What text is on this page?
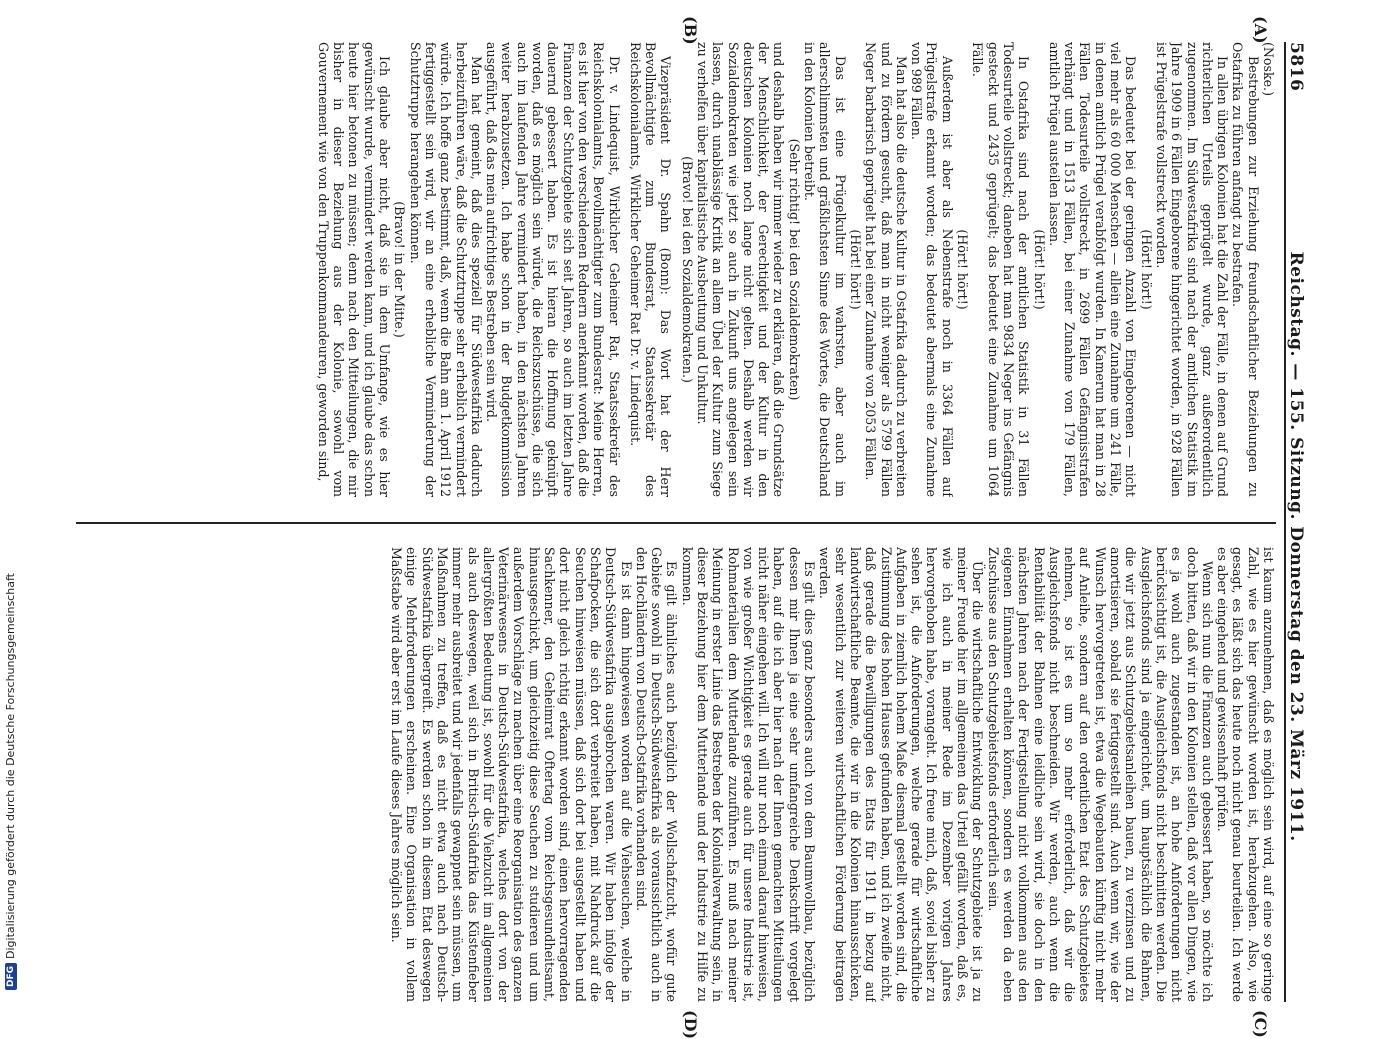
DFG
Digitalisierung gefördert durch die Deutsche Forschungsgemeinschaft
5816
Reichstag. — 155. Sitzung. Donnerstag den 23. März 1911.
(A)
(B)
(C)
(D)

(Noske.)

Bestrebungen zur Erziehung freundschaftlicher Beziehungen zu Ostafrika zu führen anfangt zu bestrafen.

In allen übrigen Kolonien hat die Zahl der Fälle, in denen auf Grund richterlichen Urteils geprügelt wurde, ganz außerordentlich zugenommen. Im Südwestafrika sind nach der amtlichen Statistik im Jahre 1909 in 6 Fällen Eingeborene hingerichtet worden, in 928 Fällen ist Prügelstrafe vollstreckt worden.

(Hört! hört!)

Das bedeutet bei der geringen Anzahl von Eingeborenen — nicht viel mehr als 60 000 Menschen — allein eine Zunahme um 241 Fälle, in denen amtlich Prügel verabfolgt wurden. In Kamerun hat man in 28 Fällen Todesurteile vollstreckt, in 2699 Fällen Gefängnisstrafen verhängt und in 1513 Fällen, bei einer Zunahme von 179 Fällen, amtlich Prügel austeilen lassen.

(Hört! hört!)

In Ostafrika sind nach der amtlichen Statistik in 31 Fällen Todesurteile vollstreckt; daneben hat man 9834 Neger ins Gefängnis gesteckt und 2435 geprügelt; das bedeutet eine Zunahme um 1064 Fälle.

(Hört! hört!)

Außerdem ist aber als Nebenstrafe noch in 3364 Fällen auf Prügelstrafe erkannt worden; das bedeutet abermals eine Zunahme von 989 Fällen.

Man hat also die deutsche Kultur in Ostafrika dadurch zu verbreiten und zu fördern gesucht, daß man in nicht weniger als 5799 Fällen Neger barbarisch geprügelt hat bei einer Zunahme von 2053 Fällen.

(Hört! hört!)

Das ist eine Prügelkultur im wahrsten, aber auch im allerschlimmsten und gräßlichsten Sinne des Wortes, die Deutschland in den Kolonien betreibt.

(Sehr richtig! bei den Sozialdemokraten)

und deshalb haben wir immer wieder zu erklären, daß die Grundsätze der Menschlichkeit, der Gerechtigkeit und der Kultur in den deutschen Kolonien noch lange nicht gelten. Deshalb werden wir Sozialdemokraten wie jetzt so auch in Zukunft uns angelegen sein lassen, durch unablässige Kritik an allem Übel der Kultur zum Siege zu verhelfen über kapitalistische Ausbeutung und Unkultur.

(Bravo! bei den Sozialdemokraten.)

Vizepräsident Dr. Spahn (Bonn): Das Wort hat der Herr Bevollmächtigte zum Bundesrat, Staatssekretär des Reichskolonialamts, Wirklicher Geheimer Rat Dr. v. Lindequist.

Dr. v. Lindequist, Wirklicher Geheimer Rat, Staatssekretär des Reichskolonialamts, Bevollmächtigter zum Bundesrat: Meine Herren, es ist hier von den verschiedenen Rednern anerkannt worden, daß die Finanzen der Schutzgebiete sich seit Jahren, so auch im letzten Jahre dauernd gebessert haben. Es ist hieran die Hoffnung geknüpft worden, daß es möglich sein würde, die Reichszuschüsse, die sich auch im laufenden Jahre vermindert haben, in den nächsten Jahren weiter herabzusetzen. Ich habe schon in der Budgetkommission ausgeführt, daß das mein aufrichtiges Bestreben sein wird.

Man hat gemeint, daß dies speziell für Südwestafrika dadurch herbeizuführen wäre, daß die Schutztruppe sehr erheblich vermindert würde. Ich hoffe ganz bestimmt, daß, wenn die Bahn am 1. April 1912 fertiggestellt sein wird, wir an eine erhebliche Verminderung der Schutztruppe herangehen können.

(Bravo! in der Mitte.)

Ich glaube aber nicht, daß sie in dem Umfange, wie es hier gewünscht wurde, vermindert werden kann, und ich glaube das schon heute hier betonen zu müssen; denn nach den Mitteilungen, die mir bisher in dieser Beziehung aus der Kolonie, sowohl vom Gouvernement wie von den Truppenkommandeuren, geworden sind,

ist kaum anzunehmen, daß es möglich sein wird, auf eine so geringe Zahl, wie es hier gewünscht worden ist, herabzugehen. Also, wie gesagt, es läßt sich das heute noch nicht genau beurteilen. Ich werde es aber eingehend und gewissenhaft prüfen.

Wenn sich nun die Finanzen auch gebessert haben, so möchte ich doch bitten, daß wir in den Kolonien stellen, daß vor allen Dingen, wie es ja wohl auch zugestanden ist, an hohe Anforderungen nicht berücksichtigt ist, die Ausgleichsfonds nicht beschnitten werden. Die Ausgleichsfonds sind ja eingerichtet, um hauptsächlich die Bahnen, die wir jetzt aus Schutzgebietsanleihen bauen, zu verzinsen und zu amortisieren, sobald sie fertiggestellt sind. Auch wenn wir, wie der Wunsch hervorgetreten ist, etwa die Wegebauten künftig nicht mehr auf Anleihe, sondern auf den ordentlichen Etat des Schutzgebietes nehmen, so ist es um so mehr erforderlich, daß wir die Ausgleichsfonds nicht beschneiden. Wir werden, auch wenn die Rentabilität der Bahnen eine leidliche sein wird, sie doch in den nächsten Jahren nach der Fertigstellung nicht vollkommen aus den eigenen Einnahmen erhalten können, sondern es werden da eben Zuschüsse aus den Schutzgebietsfonds erforderlich sein.

Über die wirtschaftliche Entwicklung der Schutzgebiete ist ja zu meiner Freude hier im allgemeinen das Urteil gefällt worden, daß es, wie ich auch in meiner Rede im Dezember vorigen Jahres hervorgehoben habe, vorangeht. Ich freue mich, daß, soviel bisher zu sehen ist, die Anforderungen, welche gerade für wirtschaftliche Aufgaben in ziemlich hohem Maße diesmal gestellt worden sind, die Zustimmung des hohen Hauses gefunden haben, und ich zweifle nicht, daß gerade die Bewilligungen des Etats für 1911 in bezug auf landwirtschaftliche Beamte, die wir in die Kolonien hinausschicken, sehr wesentlich zur weiteren wirtschaftlichen Förderung beitragen werden.

Es gilt dies ganz besonders auch von dem Baumwollbau, bezüglich dessen mir Ihnen ja eine sehr umfangreiche Denkschrift vorgelegt haben, auf die ich aber hier nach der Ihnen gemachten Mitteilungen nicht näher eingehen will. Ich will nur noch einmal darauf hinweisen, von wie großer Wichtigkeit es gerade auch für unsere Industrie ist, Rohmaterialien dem Mutterlande zuzuführen. Es muß nach meiner Meinung in erster Linie das Bestreben der Kolonialverwaltung sein, in dieser Beziehung hier dem Mutterlande und der Industrie zu Hilfe zu kommen.

Es gilt ähnliches auch bezüglich der Wollschafzucht, wofür gute Gebiete sowohl in Deutsch-Südwestafrika als voraussichtlich auch in den Hochländern von Deutsch-Ostafrika vorhanden sind.

Es ist dann hingewiesen worden auf die Viehseuchen, welche in Deutsch-Südwestafrika ausgebrochen waren. Wir haben infolge der Schafpocken, die sich dort verbreitet haben, mit Nahdruck auf die Seuchen hinweisen müssen, daß sich dort bei ausgestellt haben und dort nicht gleich richtig erkannt worden sind, einen hervorragenden Sachkenner, den Geheimrat Oftertag vom Reichsgesundheitsamt, hinausgeschickt, um gleichzeitig diese Seuchen zu studieren und um außerdem Vorschläge zu machen über eine Reorganisation des ganzen Veterinärwesens in Deutsch-Südwestafrika, welches dort von der allergrößten Bedeutung ist, sowohl für die Viehzucht im allgemeinen als auch deswegen, weil sich in Britisch-Südafrika das Küstenfieber immer mehr ausbreitet und wir jedenfalls gewappnet sein müssen, um Maßnahmen zu treffen, daß es nicht etwa auch nach Deutsch-Südwestafrika übergreift. Es werden schon in diesem Etat deswegen einige Mehrforderungen erscheinen. Eine Organisation in vollem Maßstabe wird aber erst im Laufe dieses Jahres möglich sein.
